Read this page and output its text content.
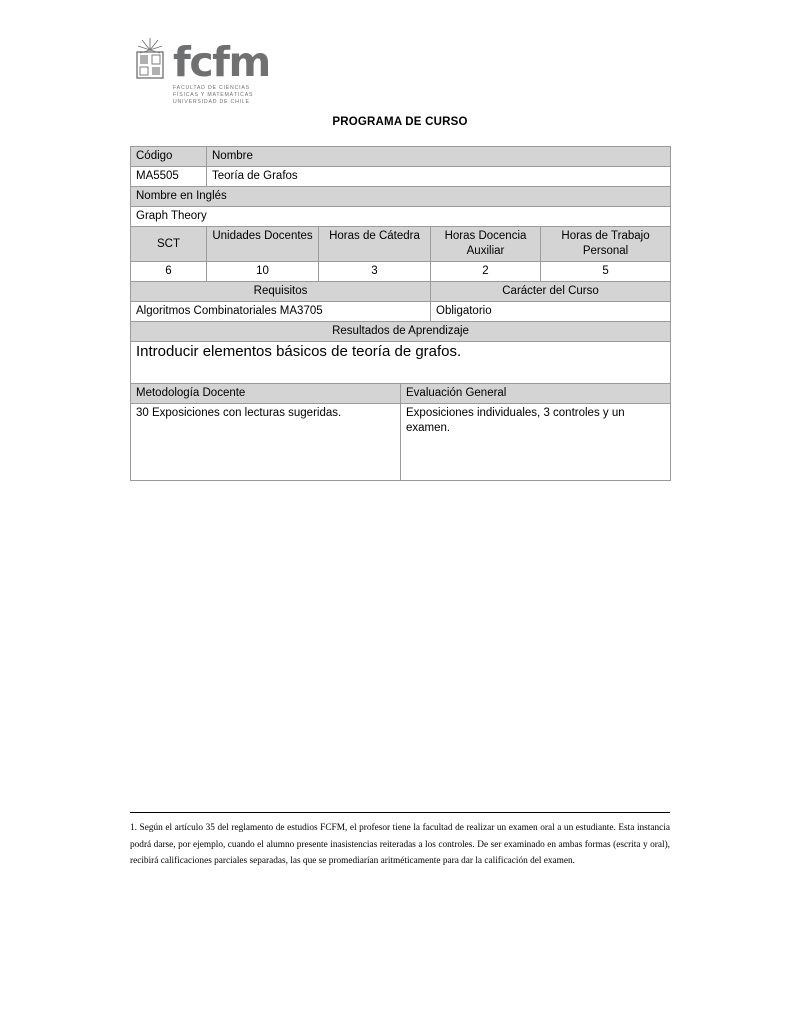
fcfm
FACULTAD DE CIENCIAS
FÍSICAS Y MATEMÁTICAS
UNIVERSIDAD DE CHILE
PROGRAMA DE CURSO
Código	Nombre			
MA5505	Teoría de Grafos			
Nombre en Inglés				
Graph Theory				
SCT	Unidades Docentes	Horas de Cátedra	Horas Docencia Auxiliar	Horas de Trabajo Personal
6	10	3	2	5
Requisitos			Carácter del Curso	
Algoritmos Combinatoriales MA3705			Obligatorio	
Resultados de Aprendizaje				
Introducir elementos básicos de teoría de grafos.				
Metodología Docente	Evaluación General
30 Exposiciones con lecturas sugeridas.	Exposiciones individuales, 3 controles y un examen.
1. Según el artículo 35 del reglamento de estudios FCFM, el profesor tiene la facultad de realizar un examen oral a un estudiante. Esta instancia podrá darse, por ejemplo, cuando el alumno presente inasistencias reiteradas a los controles. De ser examinado en ambas formas (escrita y oral), recibirá calificaciones parciales separadas, las que se promediarían aritméticamente para dar la calificación del examen.
